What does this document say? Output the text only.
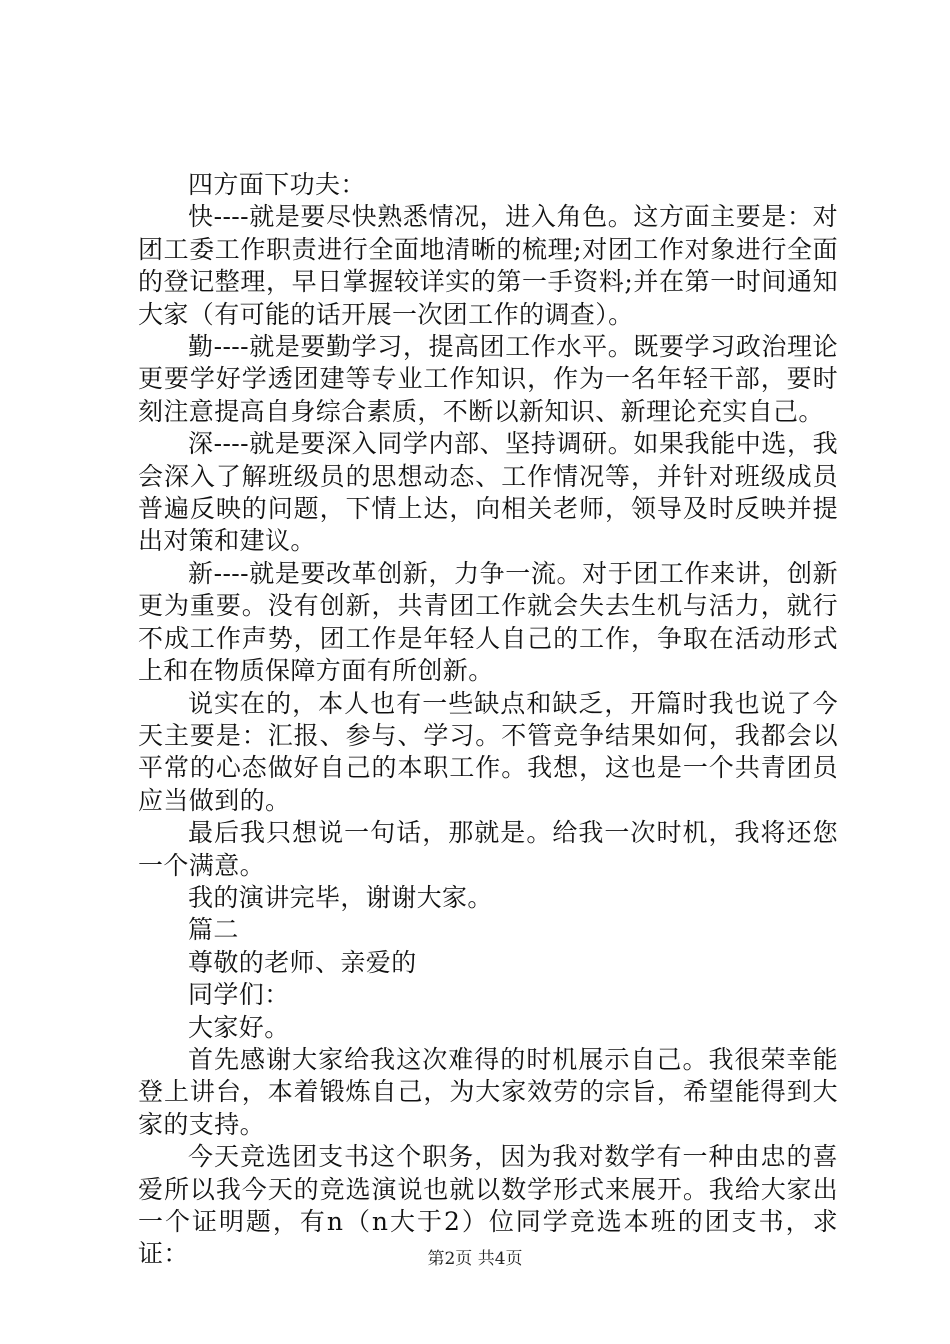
四方面下功夫：

快----就是要尽快熟悉情况，进入角色。这方面主要是：对团工委工作职责进行全面地清晰的梳理;对团工作对象进行全面的登记整理，早日掌握较详实的第一手资料;并在第一时间通知大家（有可能的话开展一次团工作的调查）。

勤----就是要勤学习，提高团工作水平。既要学习政治理论更要学好学透团建等专业工作知识，作为一名年轻干部，要时刻注意提高自身综合素质，不断以新知识、新理论充实自己。

深----就是要深入同学内部、坚持调研。如果我能中选，我会深入了解班级员的思想动态、工作情况等，并针对班级成员普遍反映的问题，下情上达，向相关老师，领导及时反映并提出对策和建议。

新----就是要改革创新，力争一流。对于团工作来讲，创新更为重要。没有创新，共青团工作就会失去生机与活力，就行不成工作声势，团工作是年轻人自己的工作，争取在活动形式上和在物质保障方面有所创新。

说实在的，本人也有一些缺点和缺乏，开篇时我也说了今天主要是：汇报、参与、学习。不管竞争结果如何，我都会以平常的心态做好自己的本职工作。我想，这也是一个共青团员应当做到的。

最后我只想说一句话，那就是。给我一次时机，我将还您一个满意。

我的演讲完毕，谢谢大家。

篇二

尊敬的老师、亲爱的

同学们：

大家好。

首先感谢大家给我这次难得的时机展示自己。我很荣幸能登上讲台，本着锻炼自己，为大家效劳的宗旨，希望能得到大家的支持。

今天竞选团支书这个职务，因为我对数学有一种由忠的喜爱所以我今天的竞选演说也就以数学形式来展开。我给大家出一个证明题，有n（n大于2）位同学竞选本班的团支书，求证：	第2页 共4页
